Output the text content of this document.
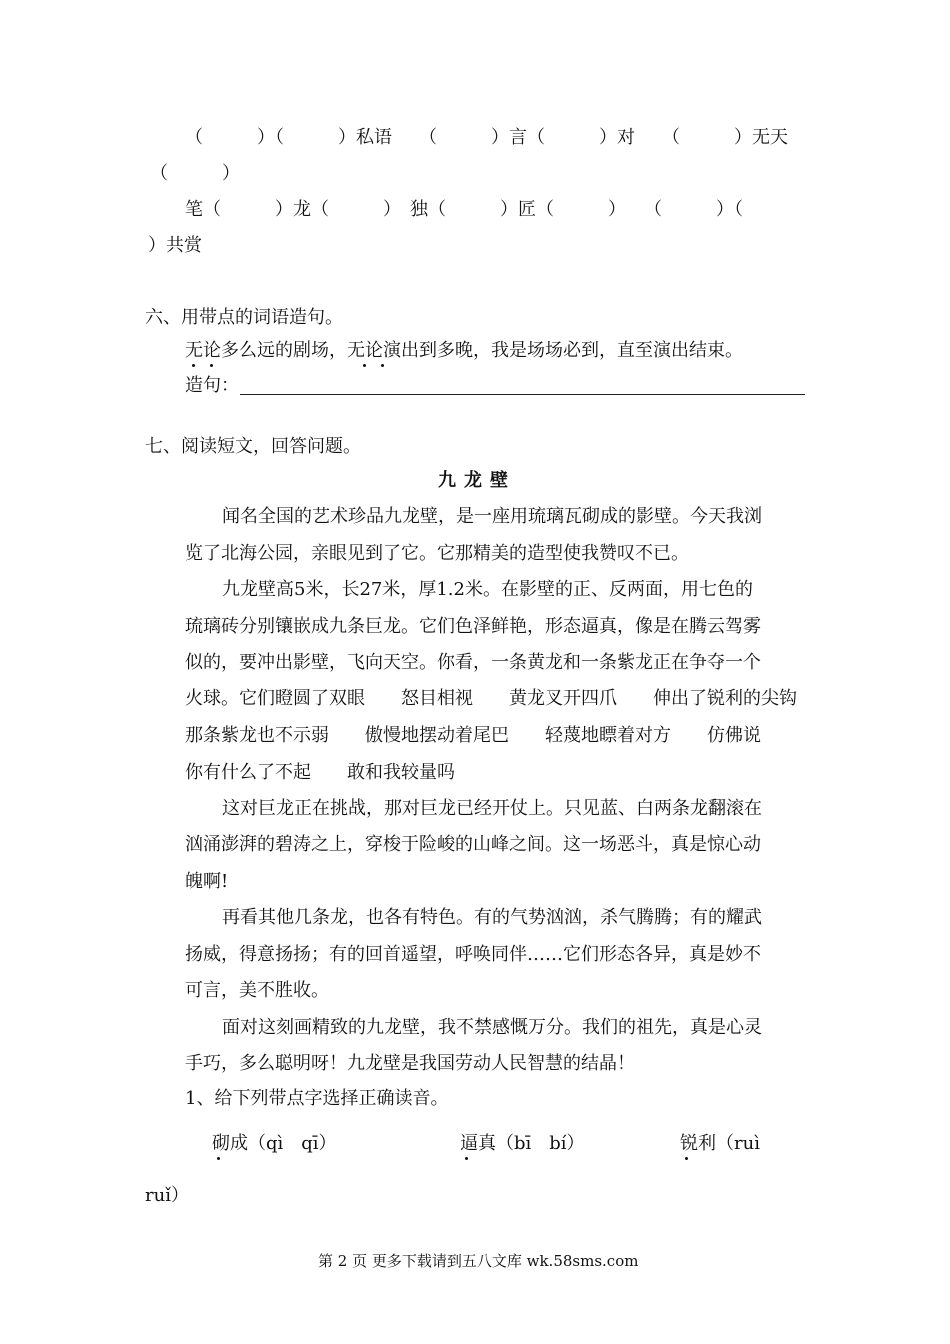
（　　　）（　　　）私语　　（　　　）言（　　　）对　　（　　　）无天
（　　　）
笔（　　　）龙（　　　）　独（　　　）匠（　　　）　　（　　　）（
）共赏
六、用带点的词语造句。
无论多么远的剧场，无论演出到多晚，我是场场必到，直至演出结束。
造句：
七、阅读短文，回答问题。
九龙壁
闻名全国的艺术珍品九龙壁，是一座用琉璃瓦砌成的影壁。今天我浏
览了北海公园，亲眼见到了它。它那精美的造型使我赞叹不已。
九龙壁高5米，长27米，厚1.2米。在影壁的正、反两面，用七色的
琉璃砖分别镶嵌成九条巨龙。它们色泽鲜艳，形态逼真，像是在腾云驾雾
似的，要冲出影壁，飞向天空。你看，一条黄龙和一条紫龙正在争夺一个
火球。它们瞪圆了双眼　　怒目相视　　黄龙叉开四爪　　伸出了锐利的尖钩
那条紫龙也不示弱　　傲慢地摆动着尾巴　　轻蔑地瞟着对方　　仿佛说
你有什么了不起　　敢和我较量吗
这对巨龙正在挑战，那对巨龙已经开仗上。只见蓝、白两条龙翻滚在
汹涌澎湃的碧涛之上，穿梭于险峻的山峰之间。这一场恶斗，真是惊心动
魄啊!
再看其他几条龙，也各有特色。有的气势汹汹，杀气腾腾；有的耀武
扬威，得意扬扬；有的回首遥望，呼唤同伴……它们形态各异，真是妙不
可言，美不胜收。
面对这刻画精致的九龙壁，我不禁感慨万分。我们的祖先，真是心灵
手巧，多么聪明呀！九龙壁是我国劳动人民智慧的结晶！
1、给下列带点字选择正确读音。
砌成（qì　qī）	逼真（bī　bí）	锐利（ruì
ruǐ）
第 2 页 更多下载请到五八文库 wk.58sms.com
